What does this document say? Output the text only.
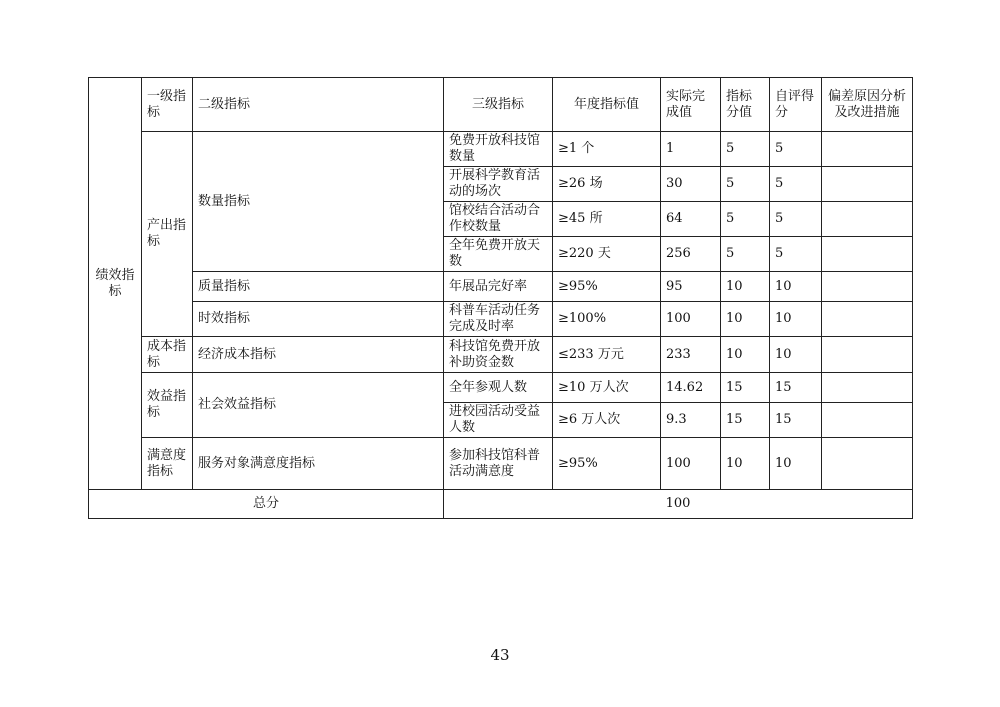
绩效指标	一级指标	二级指标	三级指标	年度指标值	实际完成值	指标分值	自评得分	偏差原因分析及改进措施
	产出指标	数量指标	免费开放科技馆数量	≥1 个	1	5	5	
			开展科学教育活动的场次	≥26 场	30	5	5	
			馆校结合活动合作校数量	≥45 所	64	5	5	
			全年免费开放天数	≥220 天	256	5	5	
		质量指标	年展品完好率	≥95%	95	10	10	
		时效指标	科普车活动任务完成及时率	≥100%	100	10	10	
	成本指标	经济成本指标	科技馆免费开放补助资金数	≤233 万元	233	10	10	
	效益指标	社会效益指标	全年参观人数	≥10 万人次	14.62	15	15	
			进校园活动受益人数	≥6 万人次	9.3	15	15	
	满意度指标	服务对象满意度指标	参加科技馆科普活动满意度	≥95%	100	10	10	
总分			100					
43
